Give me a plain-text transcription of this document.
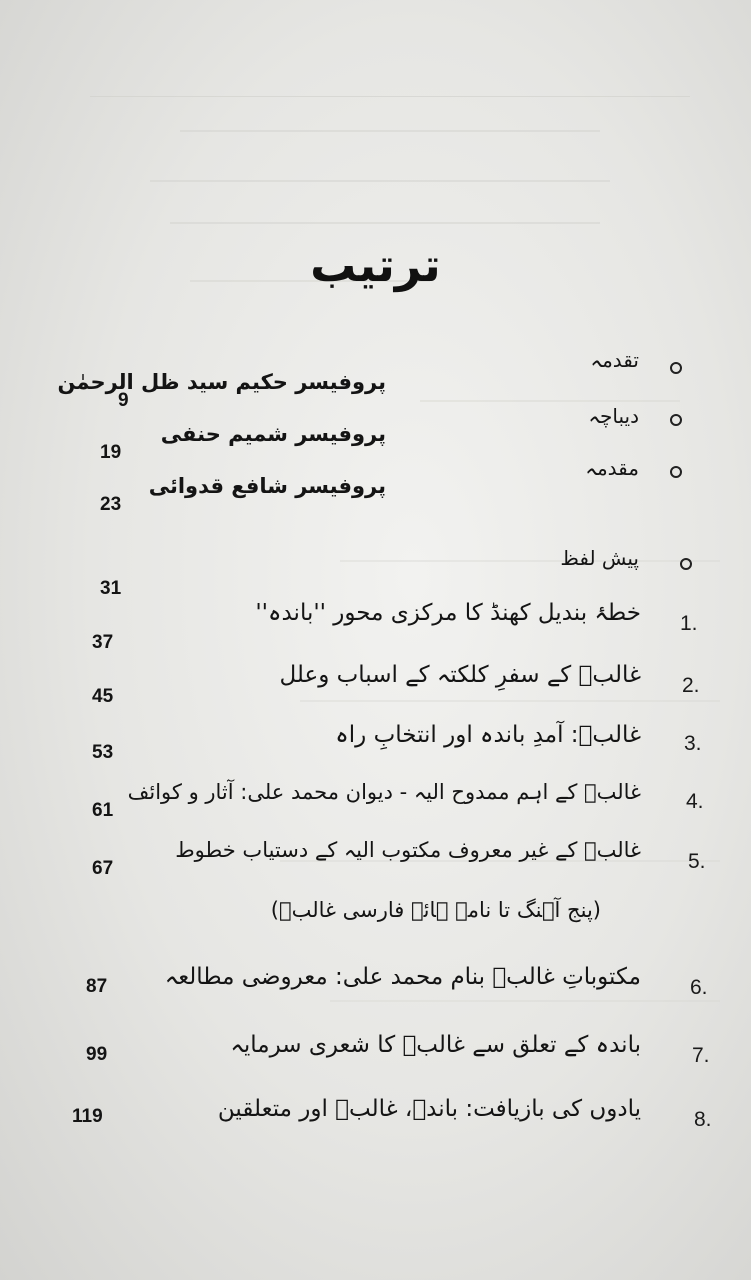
ترتیب
تقدمہ
پروفیسر حکیم سید ظل الرحمٰن
9
دیباچہ
پروفیسر شمیم حنفی
19
مقدمہ
پروفیسر شافع قدوائی
23
پیش لفظ
31
1.
خطۂ بندیل کھنڈ کا مرکزی محور ''باندہ''
37
2.
غالبؔ کے سفرِ کلکتہ کے اسباب وعلل
45
3.
غالبؔ: آمدِ باندہ اور انتخابِ راہ
53
4.
غالبؔ کے اہم ممدوح الیہ - دیوان محمد علی: آثار و کوائف
61
5.
غالبؔ کے غیر معروف مکتوب الیہ کے دستیاب خطوط
(پنج آہنگ تا نامہ ہائے فارسی غالبؔ)
67
6.
مکتوباتِ غالبؔ بنام محمد علی: معروضی مطالعہ
87
7.
باندہ کے تعلق سے غالبؔ کا شعری سرمایہ
99
8.
یادوں کی بازیافت: باندہ، غالبؔ اور متعلقین
119
